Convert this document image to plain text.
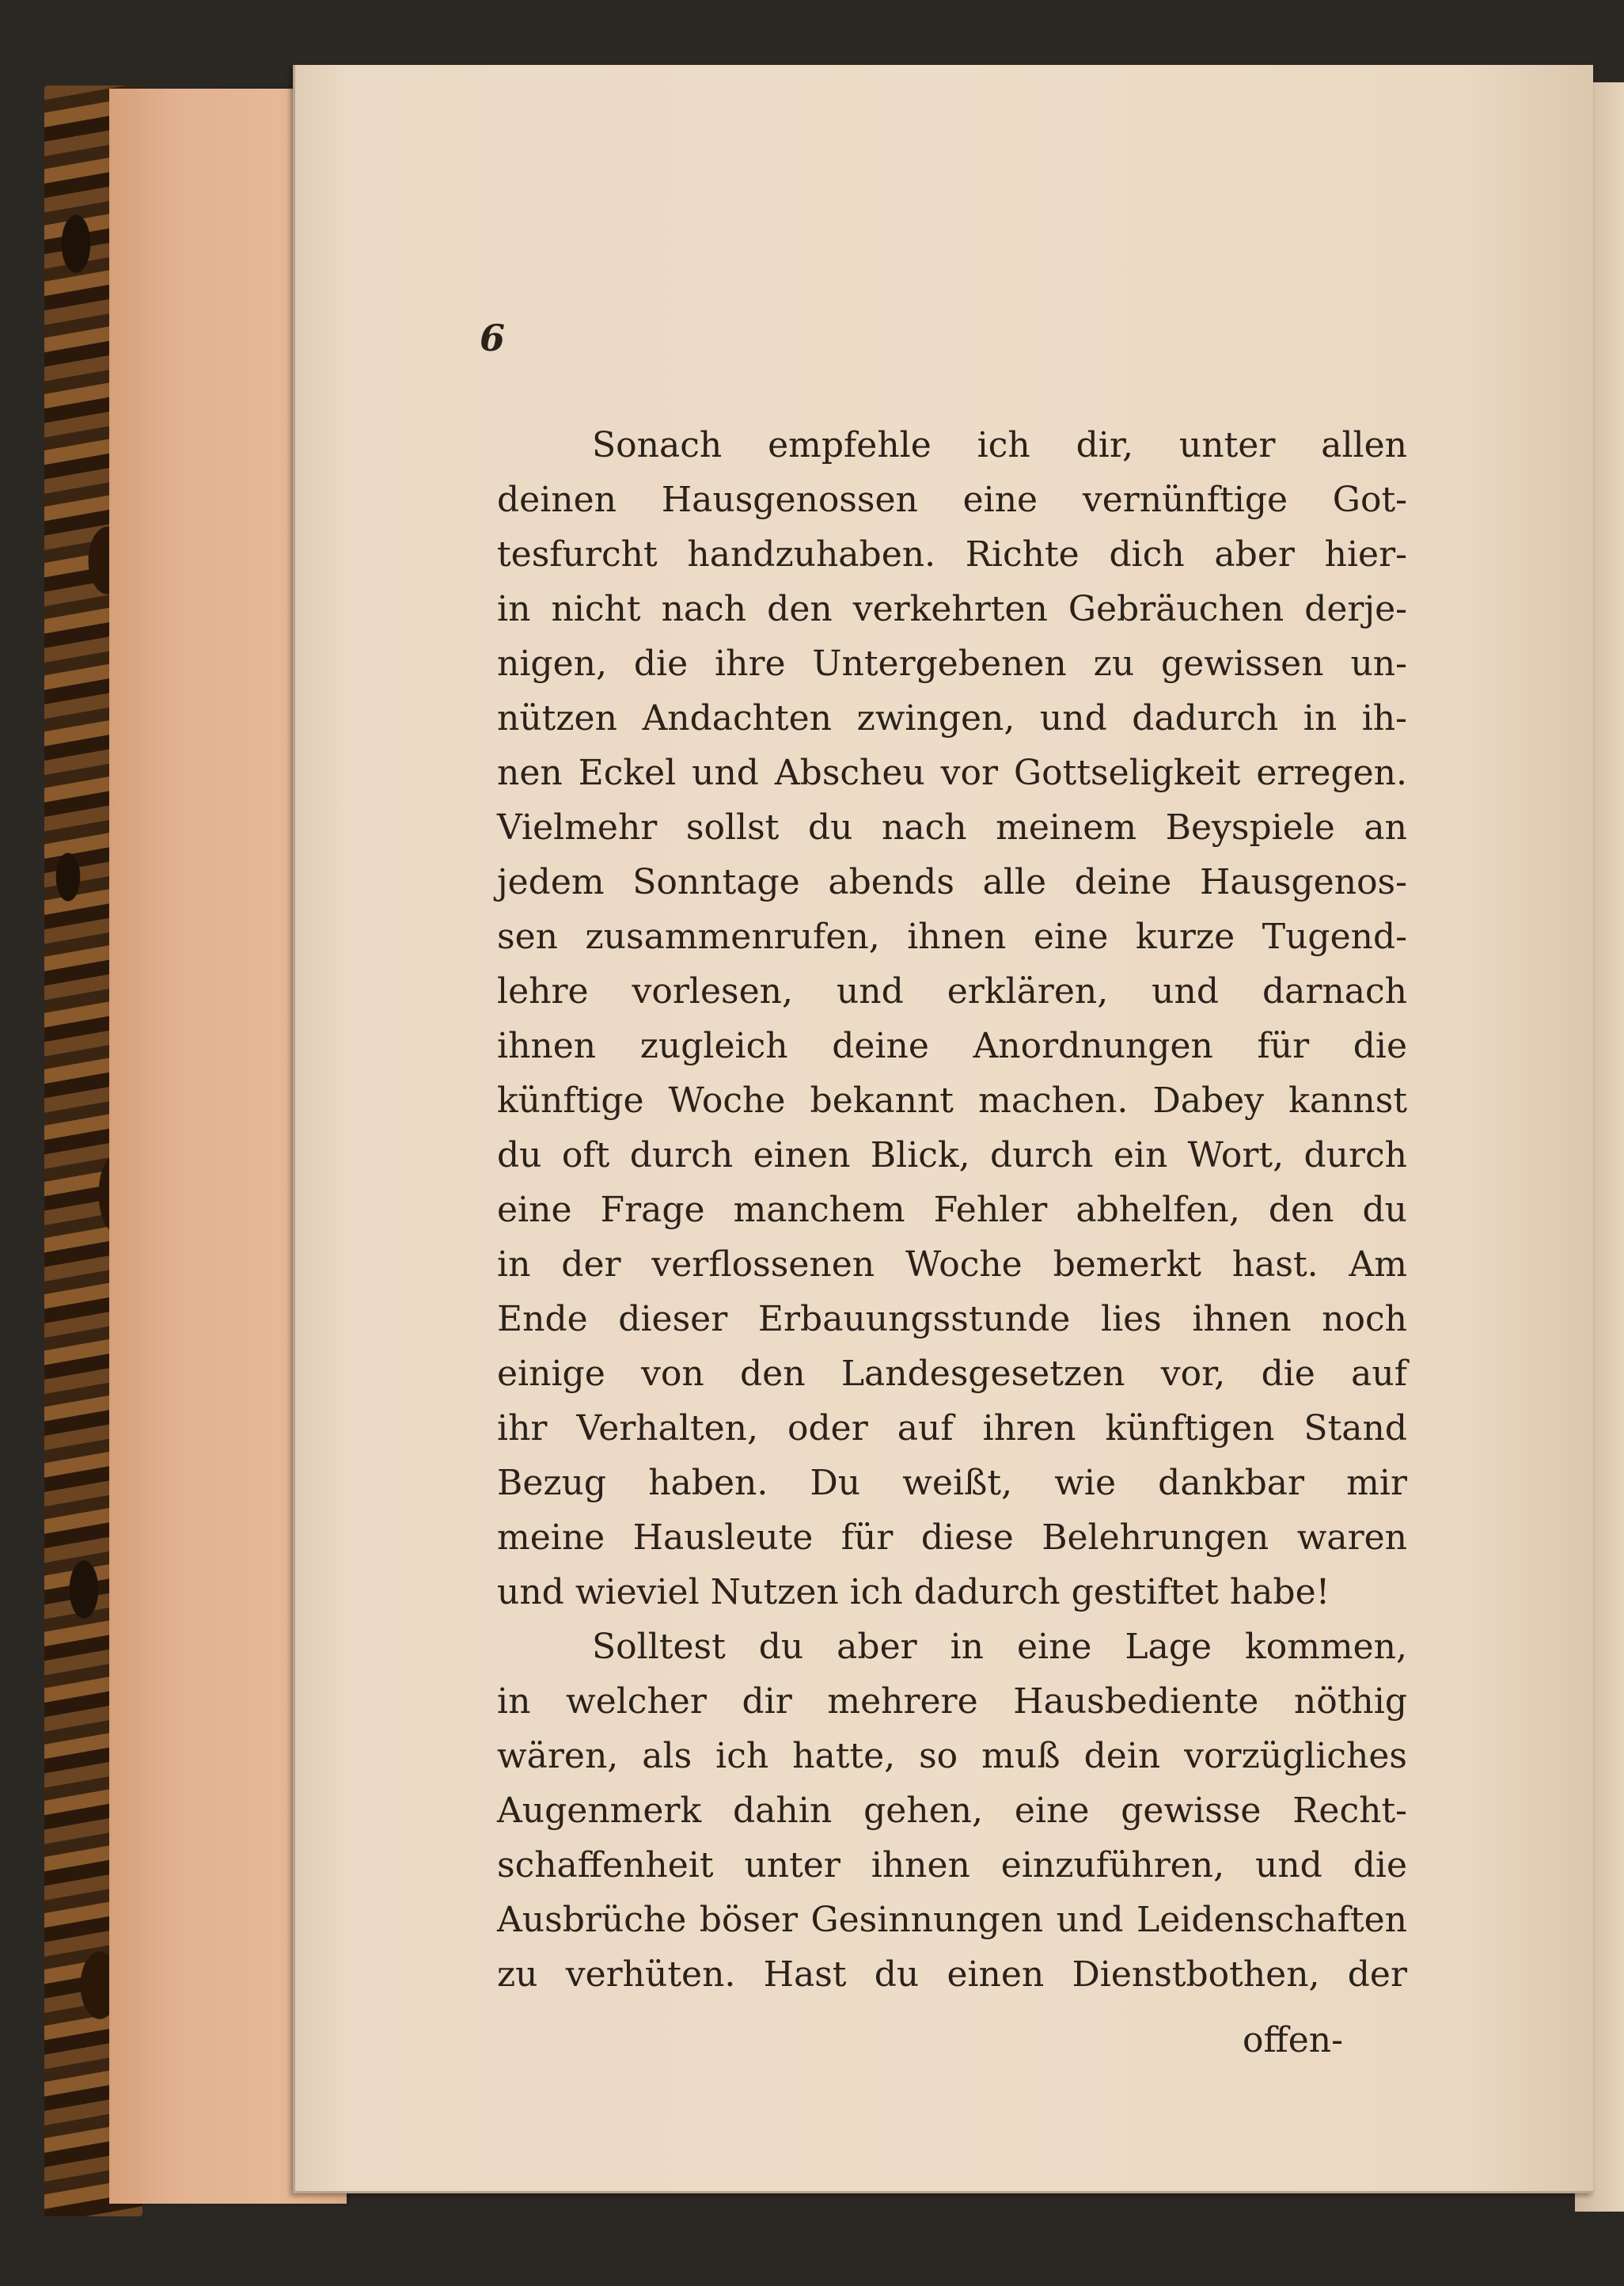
6

Sonach empfehle ich dir, unter allen

deinen Hausgenossen eine vernünftige Got-

tesfurcht handzuhaben. Richte dich aber hier-

in nicht nach den verkehrten Gebräuchen derje-

nigen, die ihre Untergebenen zu gewissen un-

nützen Andachten zwingen, und dadurch in ih-

nen Eckel und Abscheu vor Gottseligkeit erregen.

Vielmehr sollst du nach meinem Beyspiele an

jedem Sonntage abends alle deine Hausgenos-

sen zusammenrufen, ihnen eine kurze Tugend-

lehre vorlesen, und erklären, und darnach

ihnen zugleich deine Anordnungen für die

künftige Woche bekannt machen. Dabey kannst

du oft durch einen Blick, durch ein Wort, durch

eine Frage manchem Fehler abhelfen, den du

in der verflossenen Woche bemerkt hast. Am

Ende dieser Erbauungsstunde lies ihnen noch

einige von den Landesgesetzen vor, die auf

ihr Verhalten, oder auf ihren künftigen Stand

Bezug haben. Du weißt, wie dankbar mir

meine Hausleute für diese Belehrungen waren

und wieviel Nutzen ich dadurch gestiftet habe!

Solltest du aber in eine Lage kommen,

in welcher dir mehrere Hausbediente nöthig

wären, als ich hatte, so muß dein vorzügliches

Augenmerk dahin gehen, eine gewisse Recht-

schaffenheit unter ihnen einzuführen, und die

Ausbrüche böser Gesinnungen und Leidenschaften

zu verhüten. Hast du einen Dienstbothen, der

offen-
